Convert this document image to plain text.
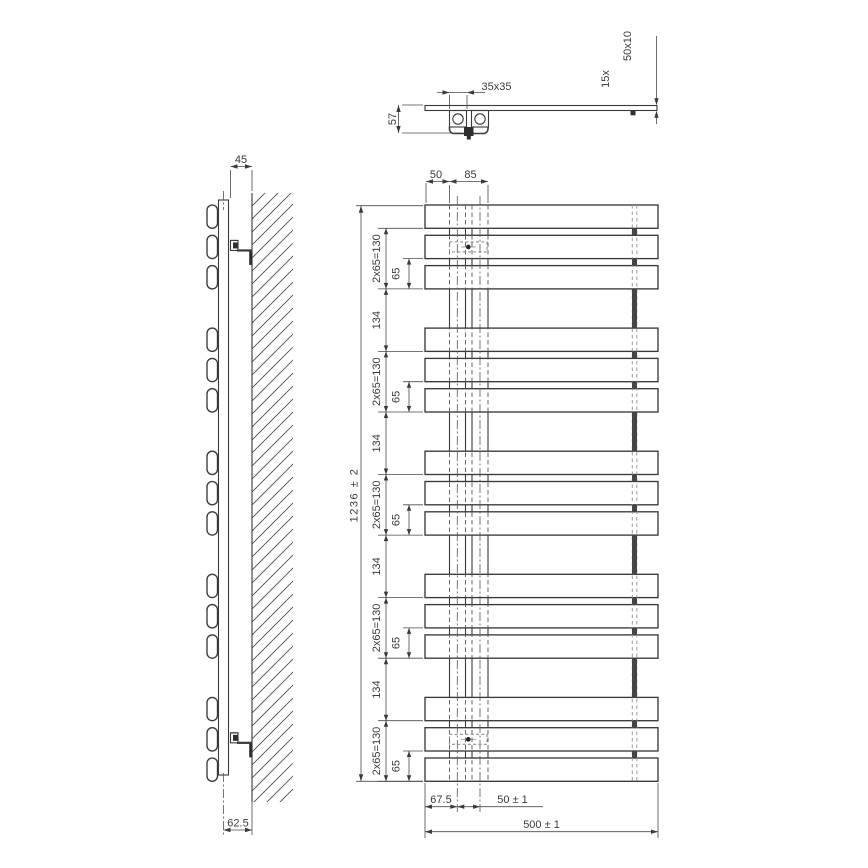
35x35
57
50x10
15x
45
62.5
50 85
1236 ± 2
2x65=130
134
2x65=130
134
2x65=130
134
2x65=130
134
2x65=130
65
65
65
65
65
67.5	50 ± 1
500 ± 1
